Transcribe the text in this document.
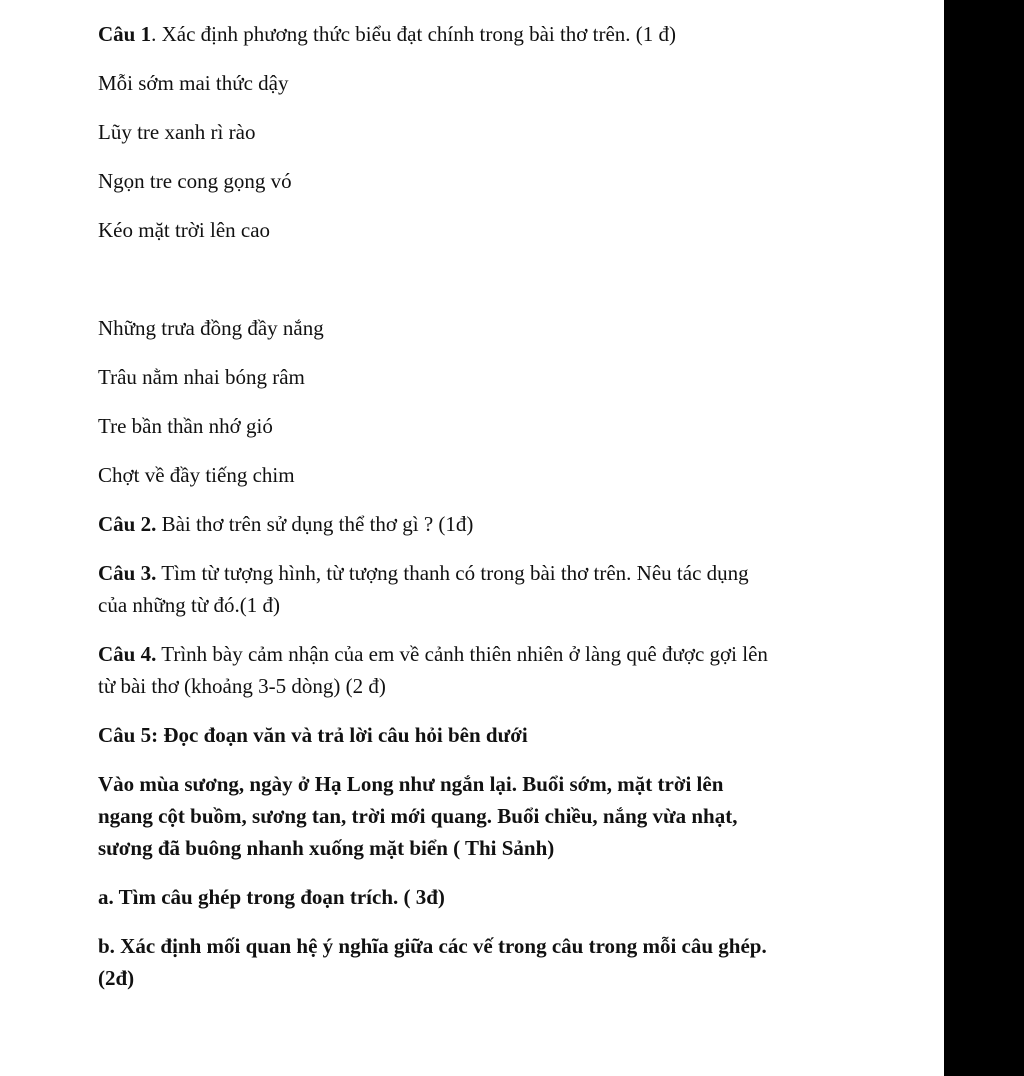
Câu 1. Xác định phương thức biểu đạt chính trong bài thơ trên. (1 đ)

Mỗi sớm mai thức dậy

Lũy tre xanh rì rào

Ngọn tre cong gọng vó

Kéo mặt trời lên cao

Những trưa đồng đầy nắng

Trâu nằm nhai bóng râm

Tre bần thần nhớ gió

Chợt về đầy tiếng chim

Câu 2. Bài thơ trên sử dụng thể thơ gì ? (1đ)

Câu 3. Tìm từ tượng hình, từ tượng thanh có trong bài thơ trên. Nêu tác dụng
của những từ đó.(1 đ)

Câu 4. Trình bày cảm nhận của em về cảnh thiên nhiên ở làng quê được gợi lên
từ bài thơ (khoảng 3-5 dòng) (2 đ)

Câu 5: Đọc đoạn văn và trả lời câu hỏi bên dưới

Vào mùa sương, ngày ở Hạ Long như ngắn lại. Buổi sớm, mặt trời lên
ngang cột buồm, sương tan, trời mới quang. Buổi chiều, nắng vừa nhạt,
sương đã buông nhanh xuống mặt biển ( Thi Sảnh)

a. Tìm câu ghép trong đoạn trích. ( 3đ)

b. Xác định mối quan hệ ý nghĩa giữa các vế trong câu trong mỗi câu ghép.
(2đ)
